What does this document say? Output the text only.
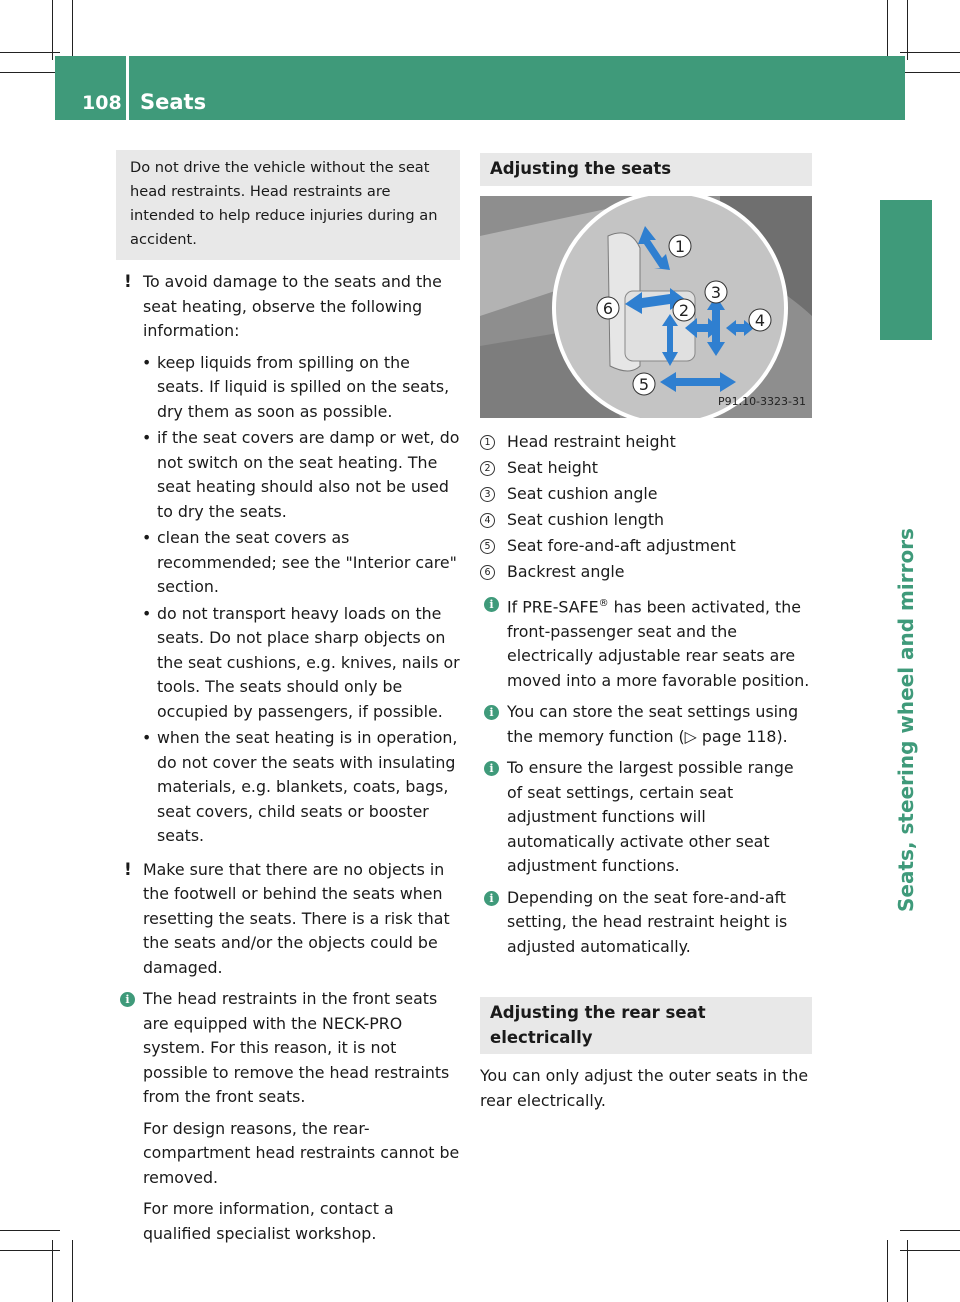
108 Seats
Seats, steering wheel and mirrors
Do not drive the vehicle without the seat head restraints. Head restraints are intended to help reduce injuries during an accident.
! To avoid damage to the seats and the seat heating, observe the following information:
• keep liquids from spilling on the seats. If liquid is spilled on the seats, dry them as soon as possible.
• if the seat covers are damp or wet, do not switch on the seat heating. The seat heating should also not be used to dry the seats.
• clean the seat covers as recommended; see the "Interior care" section.
• do not transport heavy loads on the seats. Do not place sharp objects on the seat cushions, e.g. knives, nails or tools. The seats should only be occupied by passengers, if possible.
• when the seat heating is in operation, do not cover the seats with insulating materials, e.g. blankets, coats, bags, seat covers, child seats or booster seats.
! Make sure that there are no objects in the footwell or behind the seats when resetting the seats. There is a risk that the seats and/or the objects could be damaged.
i The head restraints in the front seats are equipped with the NECK-PRO system. For this reason, it is not possible to remove the head restraints from the front seats.
For design reasons, the rear-compartment head restraints cannot be removed.
For more information, contact a qualified specialist workshop.
Adjusting the seats
1
2
3
4
5
6
P91.10-3323-31
1 Head restraint height
2 Seat height
3 Seat cushion angle
4 Seat cushion length
5 Seat fore-and-aft adjustment
6 Backrest angle
i If PRE-SAFE® has been activated, the front-passenger seat and the electrically adjustable rear seats are moved into a more favorable position.
i You can store the seat settings using the memory function (▷ page 118).
i To ensure the largest possible range of seat settings, certain seat adjustment functions will automatically activate other seat adjustment functions.
i Depending on the seat fore-and-aft setting, the head restraint height is adjusted automatically.
Adjusting the rear seat electrically
You can only adjust the outer seats in the rear electrically.
